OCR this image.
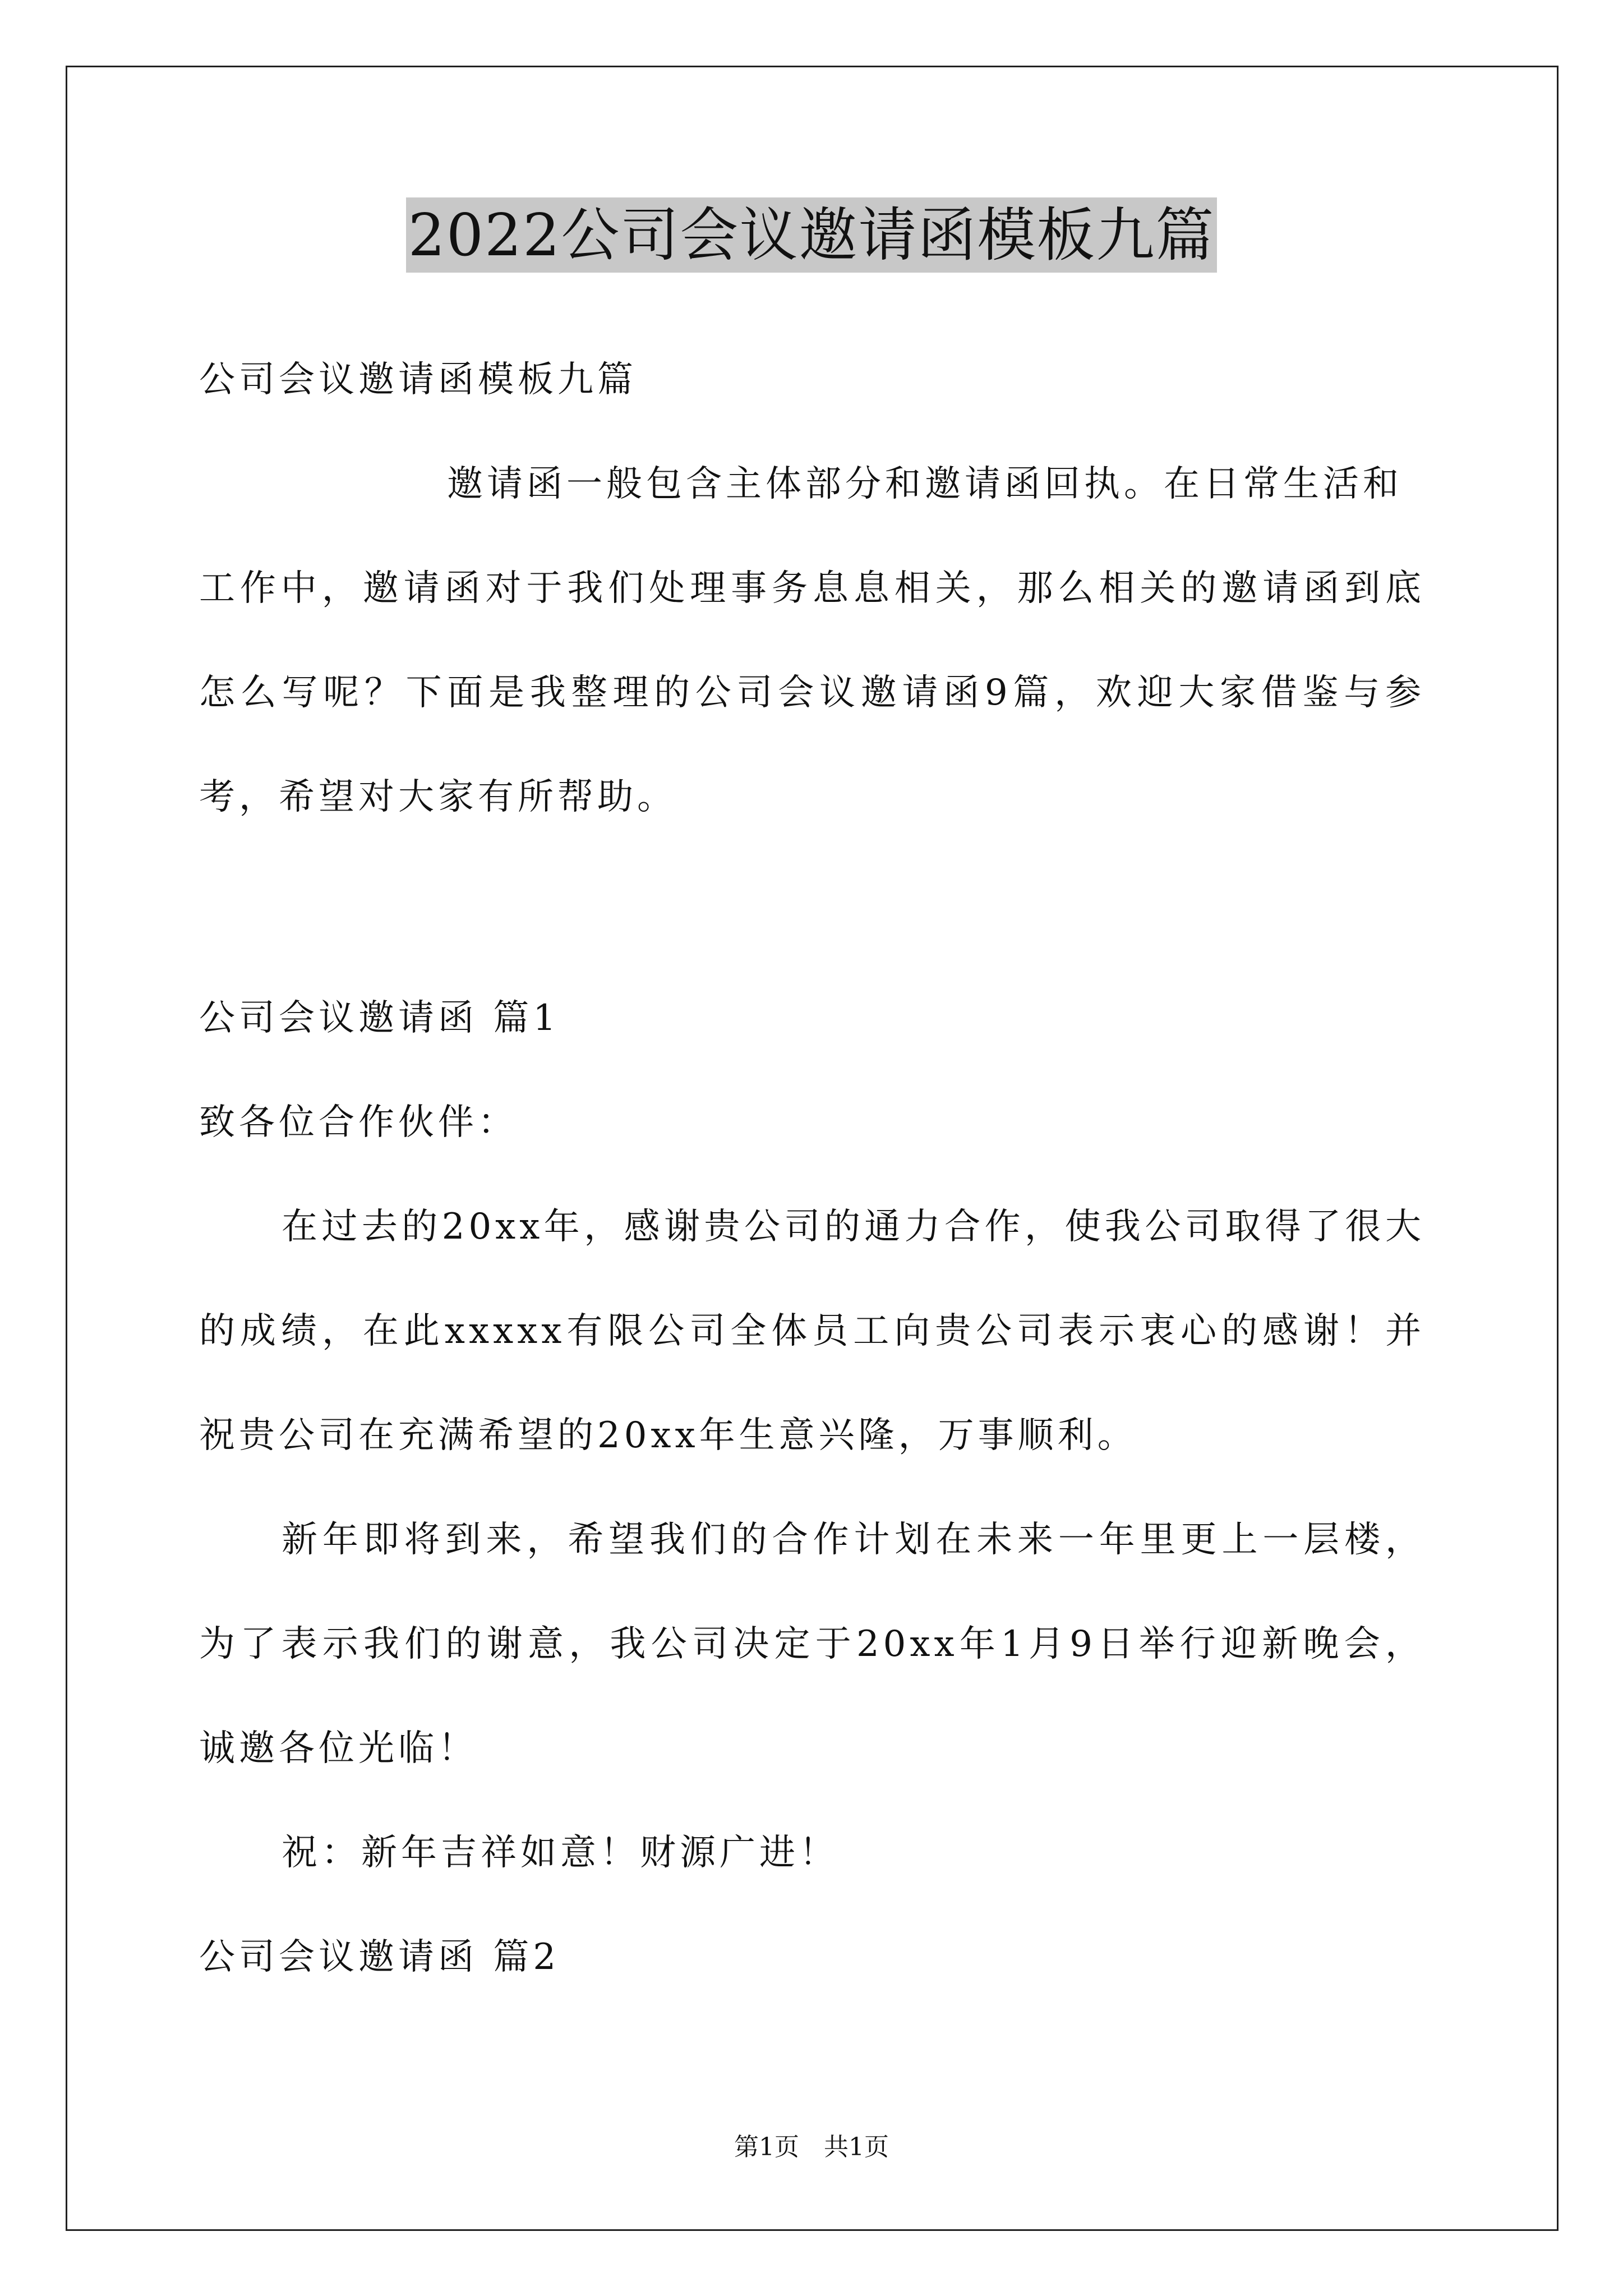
2022公司会议邀请函模板九篇
公司会议邀请函模板九篇
邀请函一般包含主体部分和邀请函回执。在日常生活和
工作中，邀请函对于我们处理事务息息相关，那么相关的邀请函到底
怎么写呢？下面是我整理的公司会议邀请函9篇，欢迎大家借鉴与参
考，希望对大家有所帮助。
公司会议邀请函 篇1
致各位合作伙伴：
在过去的20xx年，感谢贵公司的通力合作，使我公司取得了很大
的成绩，在此xxxxx有限公司全体员工向贵公司表示衷心的感谢！并
祝贵公司在充满希望的20xx年生意兴隆，万事顺利。
新年即将到来，希望我们的合作计划在未来一年里更上一层楼，
为了表示我们的谢意，我公司决定于20xx年1月9日举行迎新晚会，
诚邀各位光临！
祝：新年吉祥如意！财源广进！
公司会议邀请函 篇2
第1页 共1页
